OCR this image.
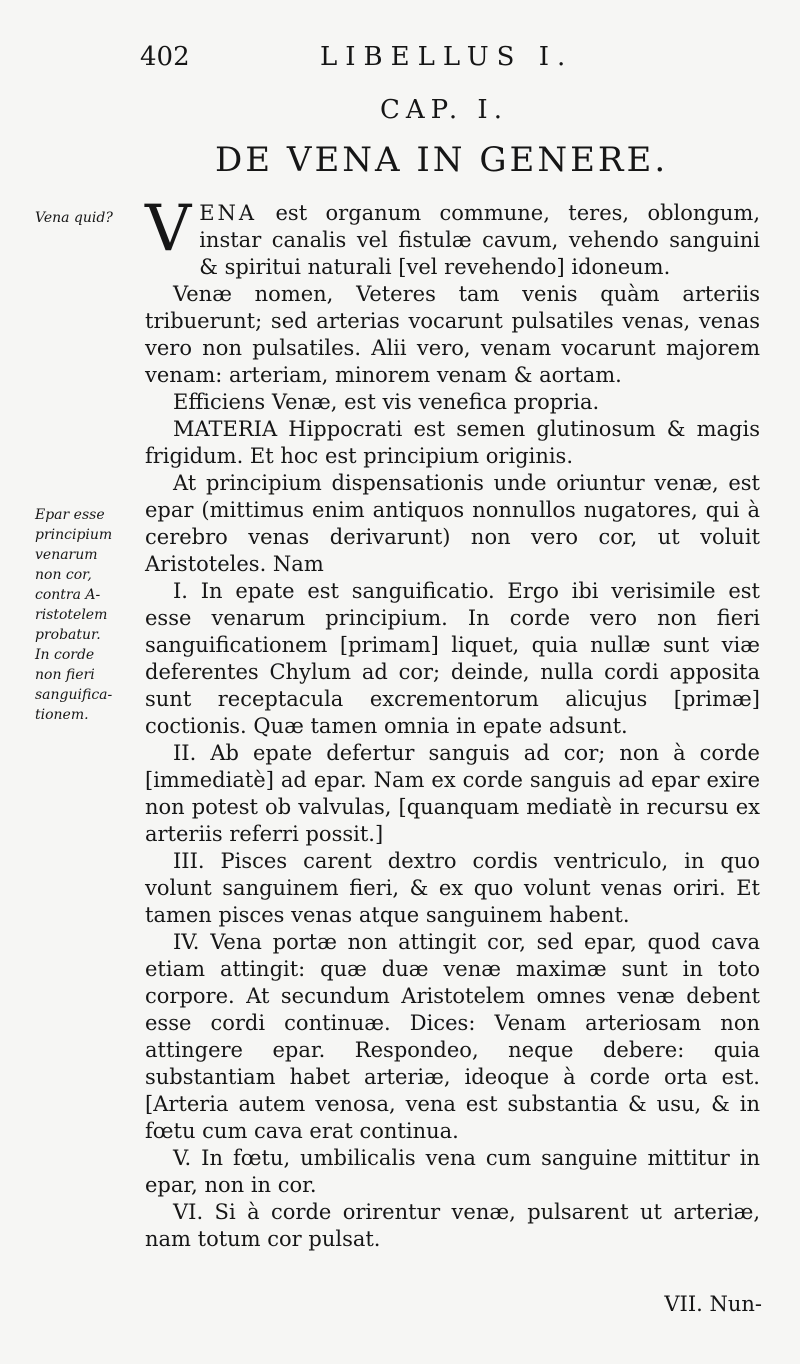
402	LIBELLUS I.
CAP. I.
DE VENA IN GENERE.
Vena quid?
Epar esse
principium
venarum
non cor,
contra A-
ristotelem
probatur.
In corde
non fieri
sanguifica-
tionem.

VENA est organum commune, teres, oblongum, instar canalis vel fistulæ cavum, vehendo sanguini & spiritui naturali [vel revehendo] idoneum.

Venæ nomen, Veteres tam venis quàm arteriis tribuerunt; sed arterias vocarunt pulsatiles venas, venas vero non pulsatiles. Alii vero, venam vocarunt majorem venam: arteriam, minorem venam & aortam.

Efficiens Venæ, est vis venefica propria.

MATERIA Hippocrati est semen glutinosum & magis frigidum. Et hoc est principium originis.

At principium dispensationis unde oriuntur venæ, est epar (mittimus enim antiquos nonnullos nugatores, qui à cerebro venas derivarunt) non vero cor, ut voluit Aristoteles. Nam

I. In epate est sanguificatio. Ergo ibi verisimile est esse venarum principium. In corde vero non fieri sanguificationem [primam] liquet, quia nullæ sunt viæ deferentes Chylum ad cor; deinde, nulla cordi apposita sunt receptacula excrementorum alicujus [primæ] coctionis. Quæ tamen omnia in epate adsunt.

II. Ab epate defertur sanguis ad cor; non à corde [immediatè] ad epar. Nam ex corde sanguis ad epar exire non potest ob valvulas, [quanquam mediatè in recursu ex arteriis referri possit.]

III. Pisces carent dextro cordis ventriculo, in quo volunt sanguinem fieri, & ex quo volunt venas oriri. Et tamen pisces venas atque sanguinem habent.

IV. Vena portæ non attingit cor, sed epar, quod cava etiam attingit: quæ duæ venæ maximæ sunt in toto corpore. At secundum Aristotelem omnes venæ debent esse cordi continuæ. Dices: Venam arteriosam non attingere epar. Respondeo, neque debere: quia substantiam habet arteriæ, ideoque à corde orta est. [Arteria autem venosa, vena est substantia & usu, & in fœtu cum cava erat continua.

V. In fœtu, umbilicalis vena cum sanguine mittitur in epar, non in cor.

VI. Si à corde orirentur venæ, pulsarent ut arteriæ, nam totum cor pulsat.

VII. Nun-
